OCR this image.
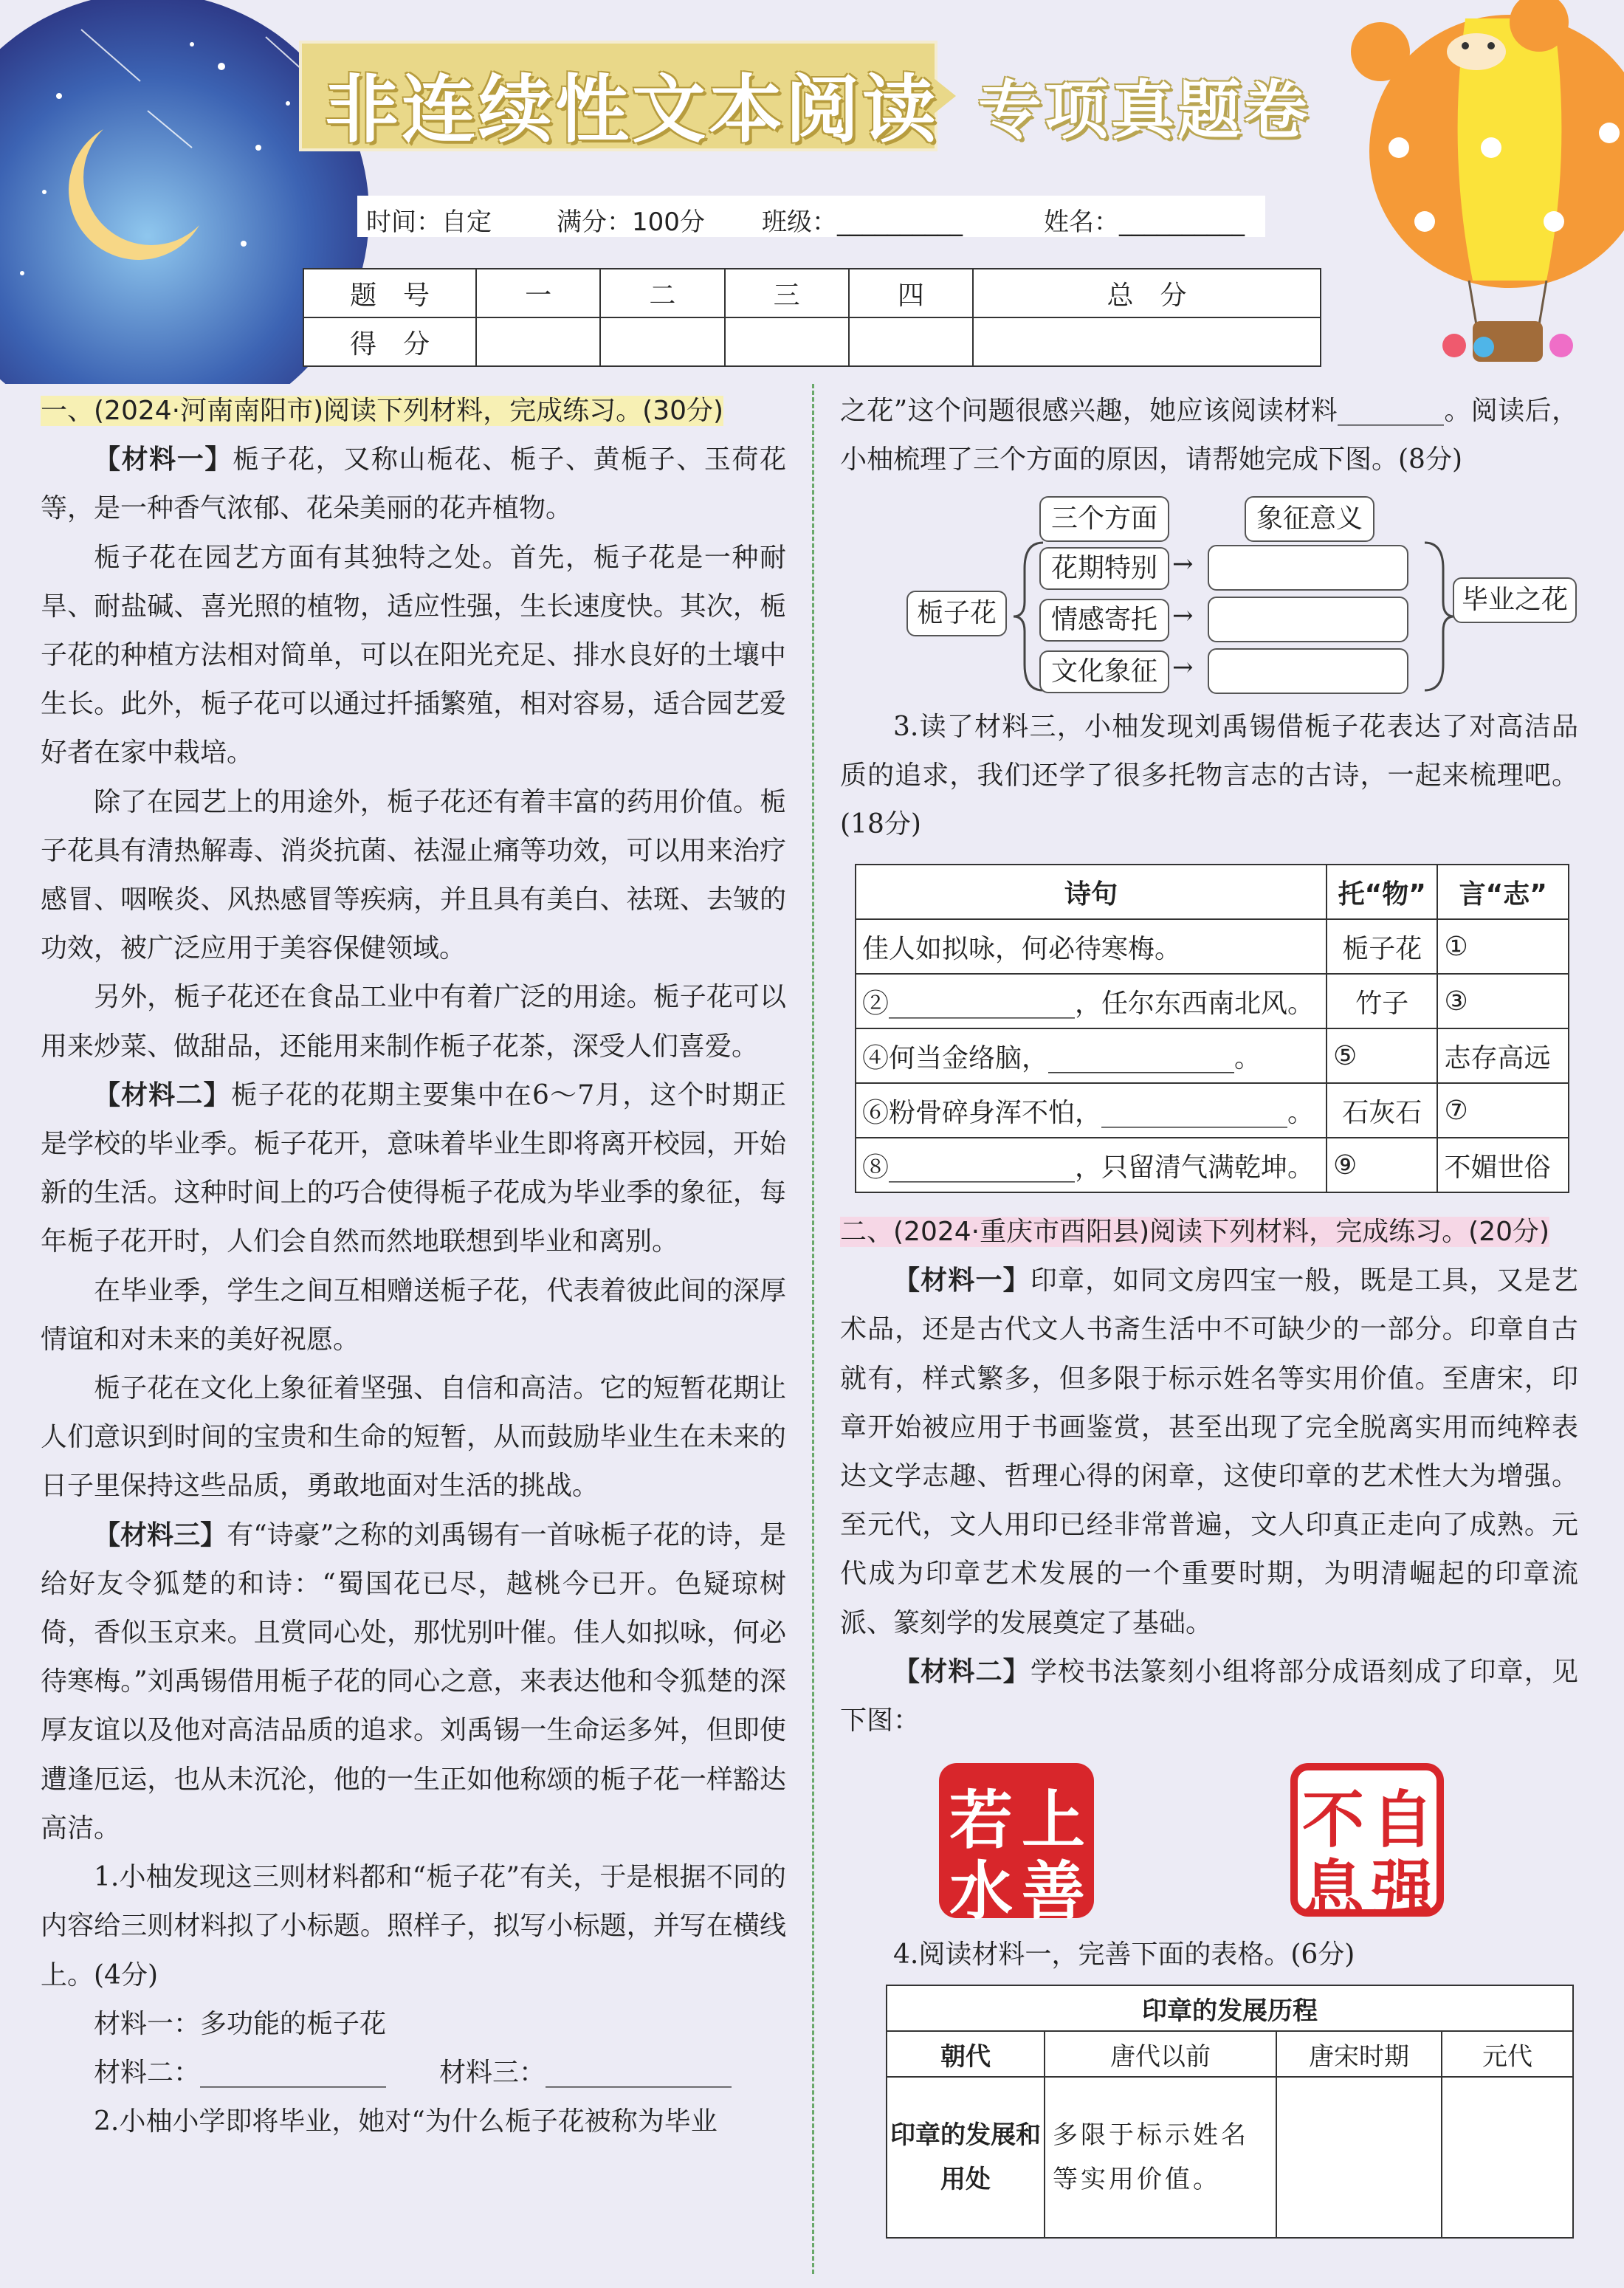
非连续性文本阅读 专项真题卷
时间：自定	满分：100分 班级：__________	姓名：__________
题　号	一	二	三	四	总　分
得　分					

一、(2024·河南南阳市)阅读下列材料，完成练习。(30分)

【材料一】栀子花，又称山栀花、栀子、黄栀子、玉荷花等，是一种香气浓郁、花朵美丽的花卉植物。

栀子花在园艺方面有其独特之处。首先，栀子花是一种耐旱、耐盐碱、喜光照的植物，适应性强，生长速度快。其次，栀子花的种植方法相对简单，可以在阳光充足、排水良好的土壤中生长。此外，栀子花可以通过扦插繁殖，相对容易，适合园艺爱好者在家中栽培。

除了在园艺上的用途外，栀子花还有着丰富的药用价值。栀子花具有清热解毒、消炎抗菌、祛湿止痛等功效，可以用来治疗感冒、咽喉炎、风热感冒等疾病，并且具有美白、祛斑、去皱的功效，被广泛应用于美容保健领域。

另外，栀子花还在食品工业中有着广泛的用途。栀子花可以用来炒菜、做甜品，还能用来制作栀子花茶，深受人们喜爱。

【材料二】栀子花的花期主要集中在6～7月，这个时期正是学校的毕业季。栀子花开，意味着毕业生即将离开校园，开始新的生活。这种时间上的巧合使得栀子花成为毕业季的象征，每年栀子花开时，人们会自然而然地联想到毕业和离别。

在毕业季，学生之间互相赠送栀子花，代表着彼此间的深厚情谊和对未来的美好祝愿。

栀子花在文化上象征着坚强、自信和高洁。它的短暂花期让人们意识到时间的宝贵和生命的短暂，从而鼓励毕业生在未来的日子里保持这些品质，勇敢地面对生活的挑战。

【材料三】有“诗豪”之称的刘禹锡有一首咏栀子花的诗，是给好友令狐楚的和诗：“蜀国花已尽，越桃今已开。色疑琼树倚，香似玉京来。且赏同心处，那忧别叶催。佳人如拟咏，何必待寒梅。”刘禹锡借用栀子花的同心之意，来表达他和令狐楚的深厚友谊以及他对高洁品质的追求。刘禹锡一生命运多舛，但即使遭逢厄运，也从未沉沦，他的一生正如他称颂的栀子花一样豁达高洁。

1.小柚发现这三则材料都和“栀子花”有关，于是根据不同的内容给三则材料拟了小标题。照样子，拟写小标题，并写在横线上。(4分)

材料一：多功能的栀子花

材料二：______________　　 材料三：______________

2.小柚小学即将毕业，她对“为什么栀子花被称为毕业

之花”这个问题很感兴趣，她应该阅读材料________。阅读后，小柚梳理了三个方面的原因，请帮她完成下图。(8分)

三个方面	象征意义
栀子花
花期特别
情感寄托
文化象征
→
→
→
毕业之花

3.读了材料三，小柚发现刘禹锡借栀子花表达了对高洁品质的追求，我们还学了很多托物言志的古诗，一起来梳理吧。(18分)

诗句	托“物”	言“志”
佳人如拟咏，何必待寒梅。	栀子花	①
②______________，任尔东西南北风。	竹子	③
④何当金络脑，______________。	⑤	志存高远
⑥粉骨碎身浑不怕，______________。	石灰石	⑦
⑧______________，只留清气满乾坤。	⑨	不媚世俗

二、(2024·重庆市酉阳县)阅读下列材料，完成练习。(20分)

【材料一】印章，如同文房四宝一般，既是工具，又是艺术品，还是古代文人书斋生活中不可缺少的一部分。印章自古就有，样式繁多，但多限于标示姓名等实用价值。至唐宋，印章开始被应用于书画鉴赏，甚至出现了完全脱离实用而纯粹表达文学志趣、哲理心得的闲章，这使印章的艺术性大为增强。至元代，文人用印已经非常普遍，文人印真正走向了成熟。元代成为印章艺术发展的一个重要时期，为明清崛起的印章流派、篆刻学的发展奠定了基础。

【材料二】学校书法篆刻小组将部分成语刻成了印章，见下图：

上
善
若
水
自
强
不
息

4.阅读材料一，完善下面的表格。(6分)

印章的发展历程			
朝代	唐代以前	唐宋时期	元代
印章的发展和用处	多限于标示姓名等实用价值。		
